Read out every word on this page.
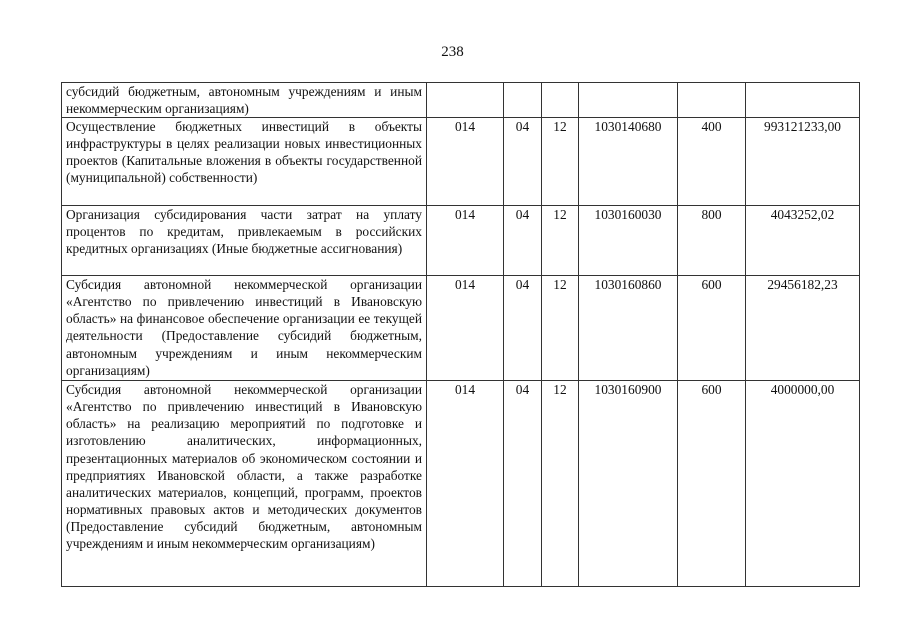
238
субсидий бюджетным, автономным учреждениям и иным некоммерческим организациям)						
Осуществление бюджетных инвестиций в объекты инфраструктуры в целях реализации новых инвестиционных проектов (Капитальные вложения в объекты государственной (муниципальной) собственности)	014	04	12	1030140680	400	993121233,00
Организация субсидирования части затрат на уплату процентов по кредитам, привлекаемым в российских кредитных организациях (Иные бюджетные ассигнования)	014	04	12	1030160030	800	4043252,02
Субсидия автономной некоммерческой организации «Агентство по привлечению инвестиций в Ивановскую область» на финансовое обеспечение организации ее текущей деятельности (Предоставление субсидий бюджетным, автономным учреждениям и иным некоммерческим организациям)	014	04	12	1030160860	600	29456182,23
Субсидия автономной некоммерческой организации «Агентство по привлечению инвестиций в Ивановскую область» на реализацию мероприятий по подготовке и изготовлению аналитических, информационных, презентационных материалов об экономическом состоянии и предприятиях Ивановской области, а также разработке аналитических материалов, концепций, программ, проектов нормативных правовых актов и методических документов (Предоставление субсидий бюджетным, автономным учреждениям и иным некоммерческим организациям)	014	04	12	1030160900	600	4000000,00
